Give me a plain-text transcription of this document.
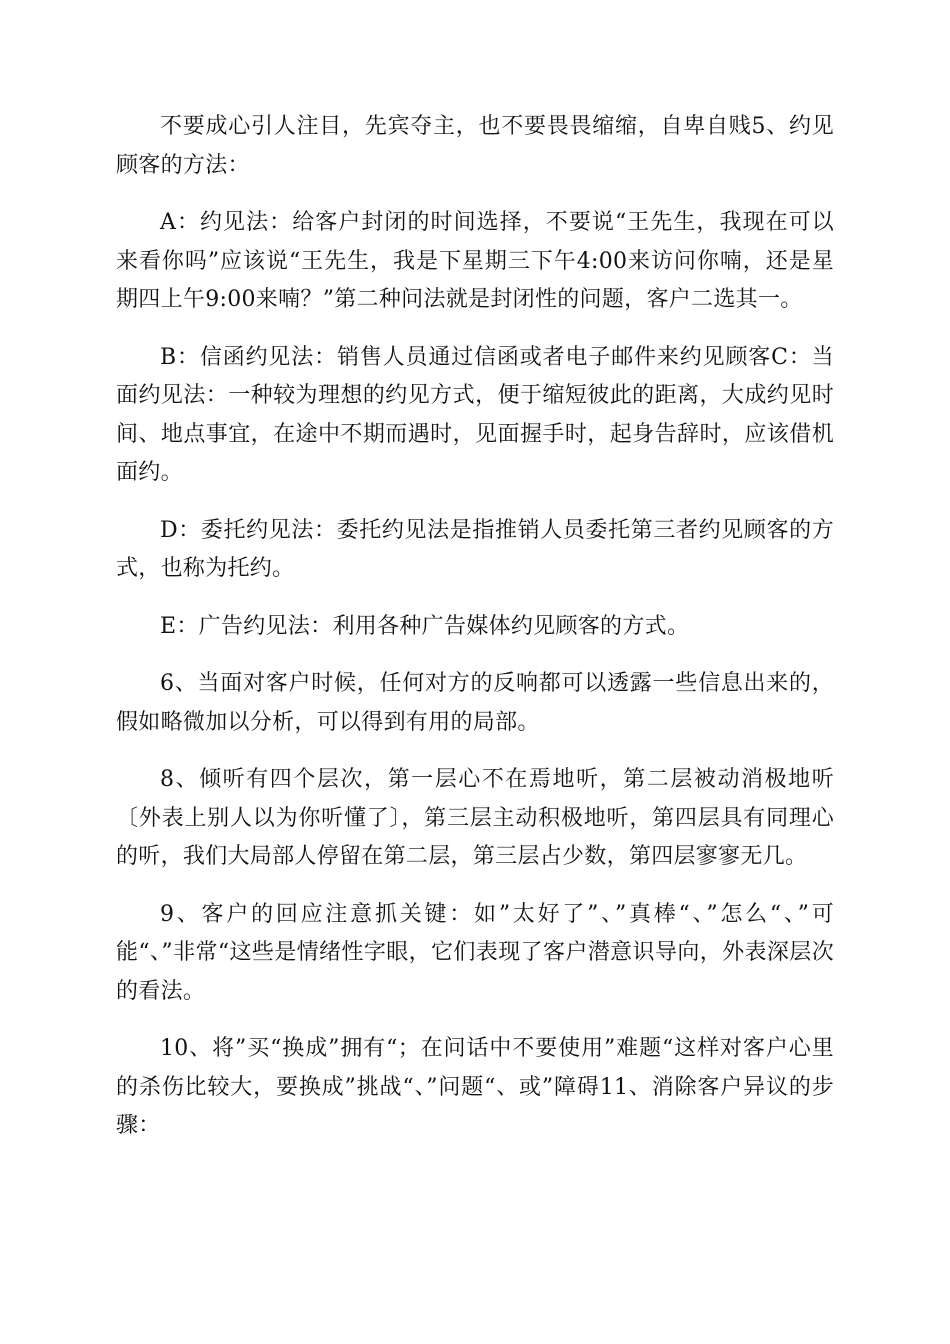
不要成心引人注目，先宾夺主，也不要畏畏缩缩，自卑自贱5、约见顾客的方法：

A：约见法：给客户封闭的时间选择，不要说“王先生，我现在可以来看你吗”应该说“王先生，我是下星期三下午4:00来访问你喃，还是星期四上午9:00来喃？”第二种问法就是封闭性的问题，客户二选其一。

B：信函约见法：销售人员通过信函或者电子邮件来约见顾客C：当面约见法：一种较为理想的约见方式，便于缩短彼此的距离，大成约见时间、地点事宜，在途中不期而遇时，见面握手时，起身告辞时，应该借机面约。

D：委托约见法：委托约见法是指推销人员委托第三者约见顾客的方式，也称为托约。

E：广告约见法：利用各种广告媒体约见顾客的方式。

6、当面对客户时候，任何对方的反响都可以透露一些信息出来的，假如略微加以分析，可以得到有用的局部。

8、倾听有四个层次，第一层心不在焉地听，第二层被动消极地听〔外表上别人以为你听懂了〕，第三层主动积极地听，第四层具有同理心的听，我们大局部人停留在第二层，第三层占少数，第四层寥寥无几。

9、客户的回应注意抓关键：如”太好了”、”真棒“、”怎么“、”可能“、”非常“这些是情绪性字眼，它们表现了客户潜意识导向，外表深层次的看法。

10、将”买“换成”拥有“；在问话中不要使用”难题“这样对客户心里的杀伤比较大，要换成”挑战“、”问题“、或”障碍11、消除客户异议的步骤：
